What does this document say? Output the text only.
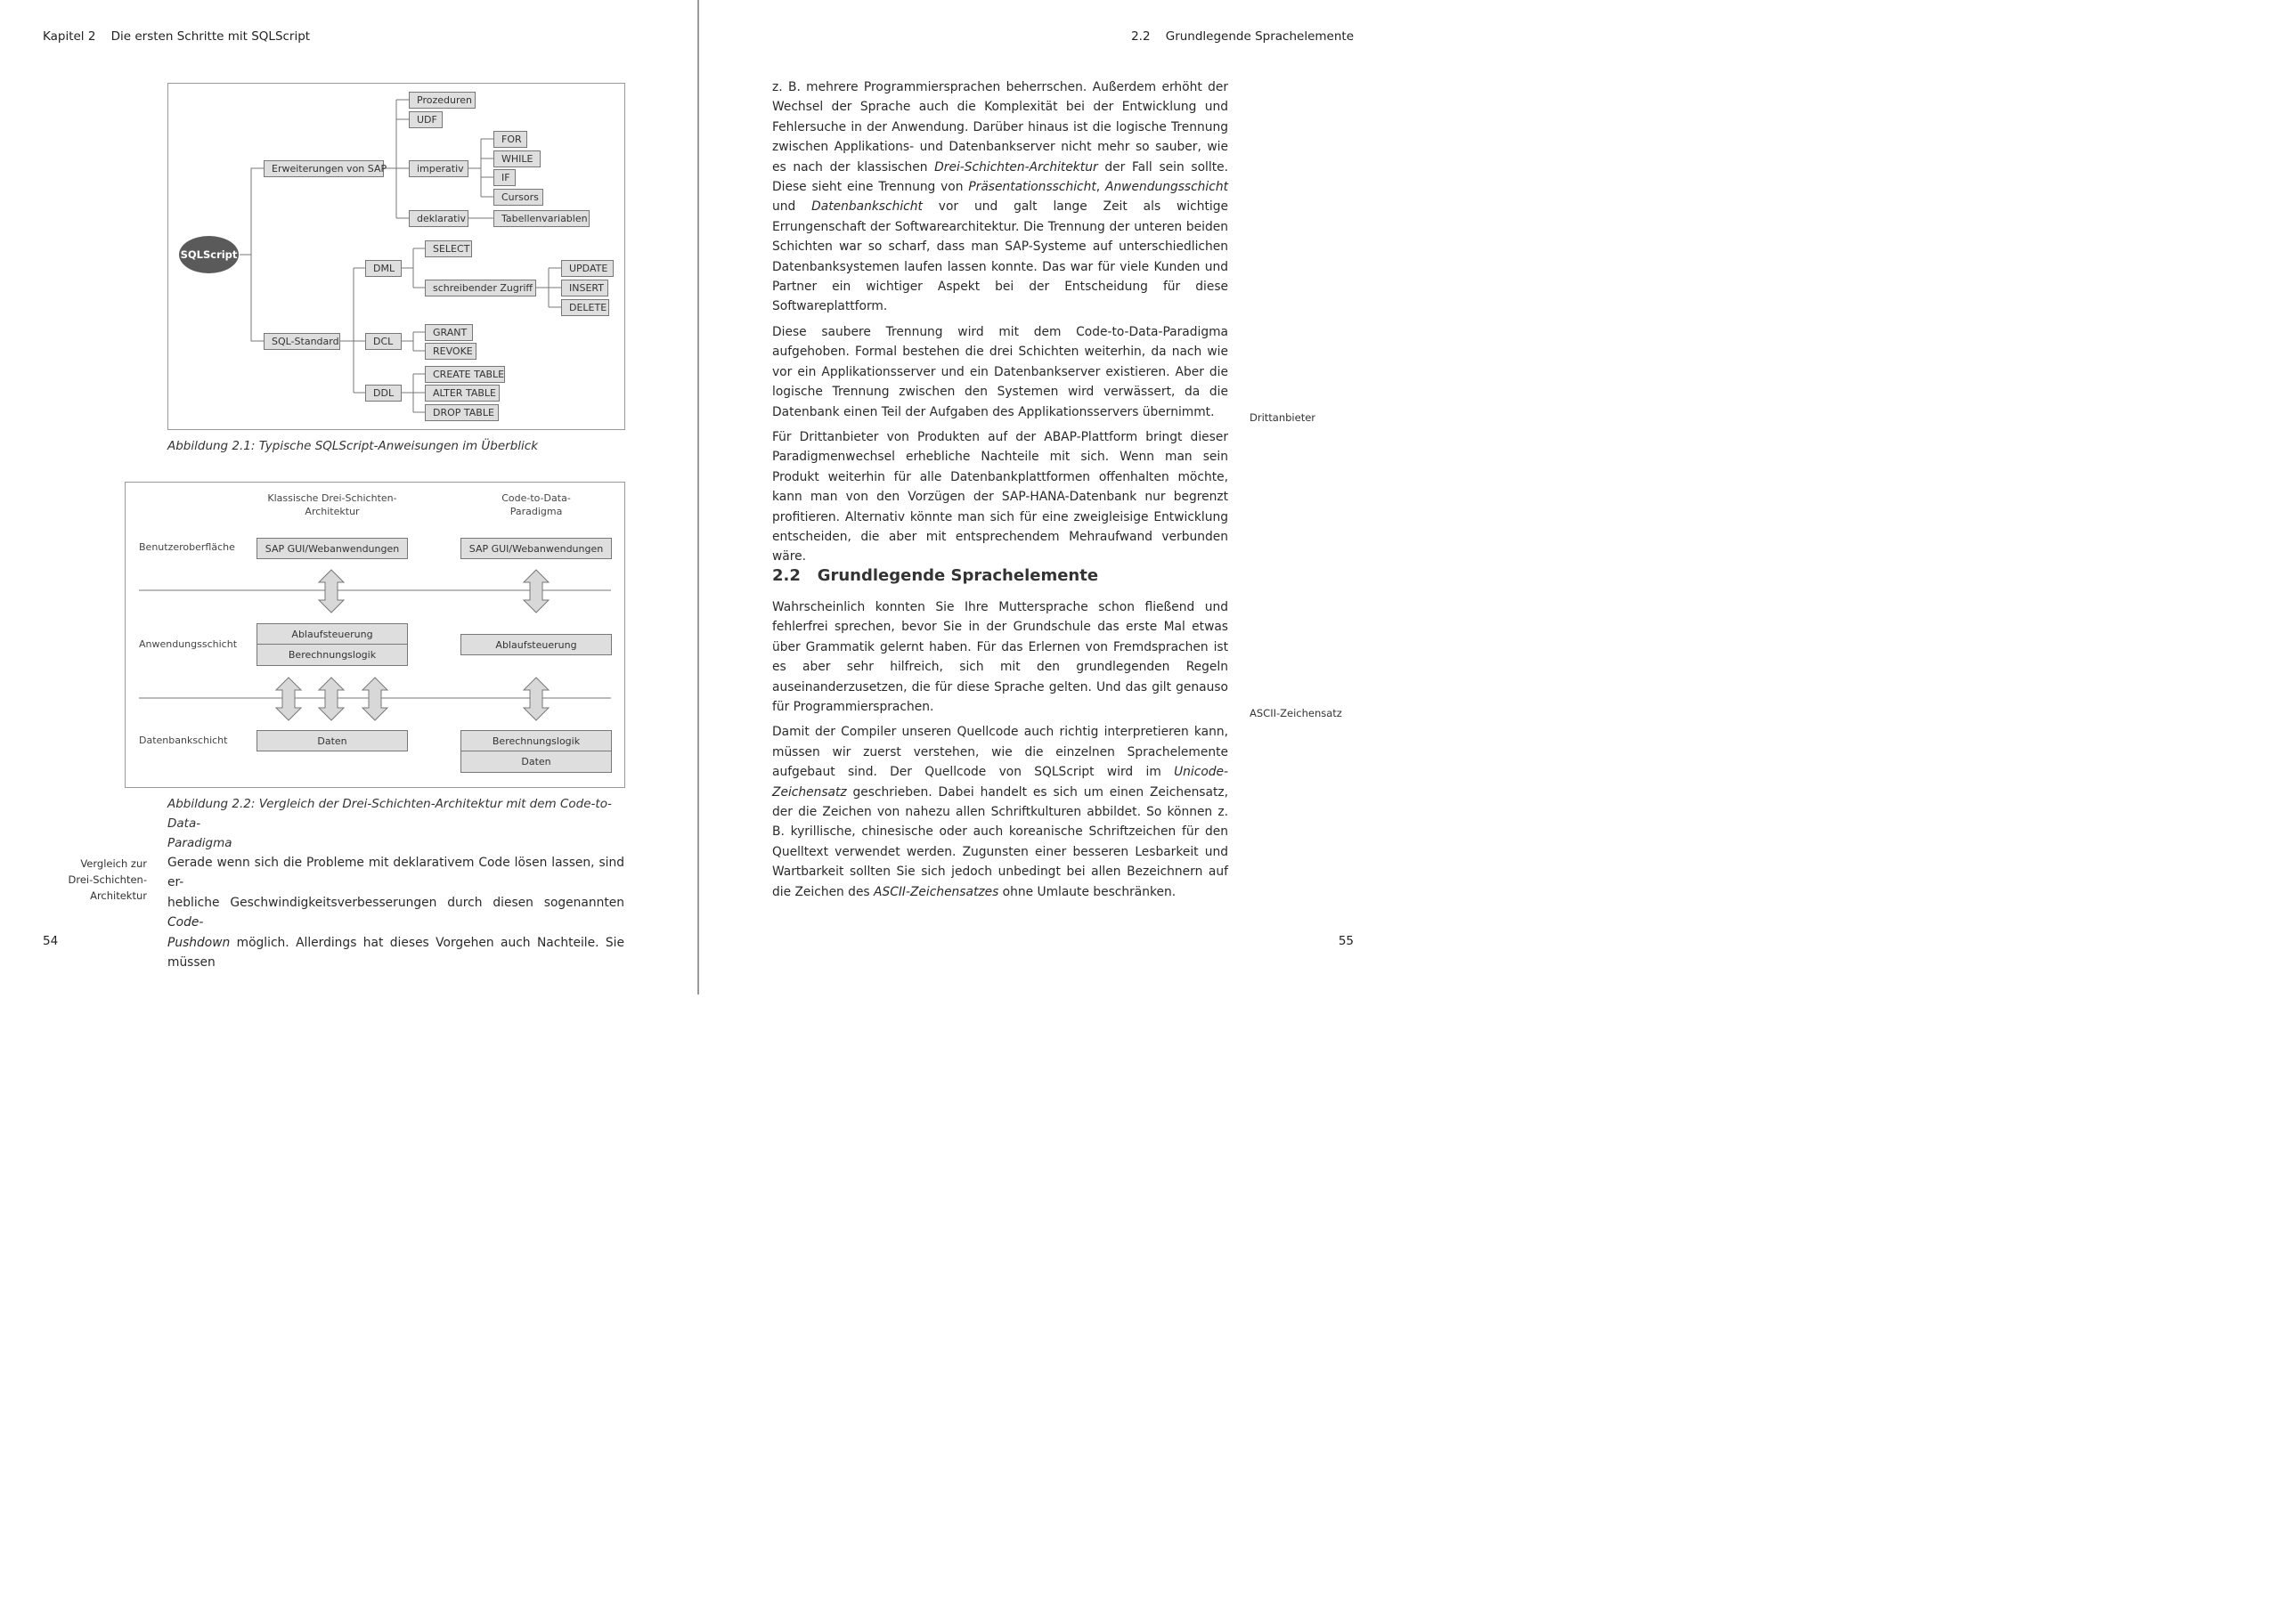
Kapitel 2 Die ersten Schritte mit SQLScript
SQLScript
Erweiterungen von SAP
SQL-Standard
Prozeduren
UDF
imperativ
deklarativ
FOR
WHILE
IF
Cursors
Tabellenvariablen
DML
DCL
DDL
SELECT
schreibender Zugriff
UPDATE
INSERT
DELETE
GRANT
REVOKE
CREATE TABLE
ALTER TABLE
DROP TABLE
Abbildung 2.1: Typische SQLScript-Anweisungen im Überblick
Klassische Drei-Schichten-
Architektur
Code-to-Data-
Paradigma
Benutzeroberfläche
Anwendungsschicht
Datenbankschicht
SAP GUI/Webanwendungen	SAP GUI/Webanwendungen
Ablaufsteuerung
Berechnungslogik
Ablaufsteuerung
Daten	Berechnungslogik
Daten
Abbildung 2.2: Vergleich der Drei-Schichten-Architektur mit dem Code-to-Data-
Paradigma
Vergleich zur
Drei-Schichten-
Architektur
Gerade wenn sich die Probleme mit deklarativem Code lösen lassen, sind er-
hebliche Geschwindigkeitsverbesserungen durch diesen sogenannten Code-
Pushdown möglich. Allerdings hat dieses Vorgehen auch Nachteile. Sie müssen
54
2.2 Grundlegende Sprachelemente

z. B. mehrere Programmiersprachen beherrschen. Außerdem erhöht der Wechsel der Sprache auch die Komplexität bei der Entwicklung und Fehlersuche in der Anwendung. Darüber hinaus ist die logische Trennung zwischen Applikations- und Datenbankserver nicht mehr so sauber, wie es nach der klassischen Drei-Schichten-Architektur der Fall sein sollte. Diese sieht eine Trennung von Präsentationsschicht, Anwendungsschicht und Datenbankschicht vor und galt lange Zeit als wichtige Errungenschaft der Softwarearchitektur. Die Trennung der unteren beiden Schichten war so scharf, dass man SAP-Systeme auf unterschiedlichen Datenbanksystemen laufen lassen konnte. Das war für viele Kunden und Partner ein wichtiger Aspekt bei der Entscheidung für diese Softwareplattform.

Diese saubere Trennung wird mit dem Code-to-Data-Paradigma aufgehoben. Formal bestehen die drei Schichten weiterhin, da nach wie vor ein Applikationsserver und ein Datenbankserver existieren. Aber die logische Trennung zwischen den Systemen wird verwässert, da die Datenbank einen Teil der Aufgaben des Applikationsservers übernimmt.

Für Drittanbieter von Produkten auf der ABAP-Plattform bringt dieser Paradigmenwechsel erhebliche Nachteile mit sich. Wenn man sein Produkt weiterhin für alle Datenbankplattformen offenhalten möchte, kann man von den Vorzügen der SAP-HANA-Datenbank nur begrenzt profitieren. Alternativ könnte man sich für eine zweigleisige Entwicklung entscheiden, die aber mit entsprechendem Mehraufwand verbunden wäre.

Drittanbieter
2.2 Grundlegende Sprachelemente

Wahrscheinlich konnten Sie Ihre Muttersprache schon fließend und fehlerfrei sprechen, bevor Sie in der Grundschule das erste Mal etwas über Grammatik gelernt haben. Für das Erlernen von Fremdsprachen ist es aber sehr hilfreich, sich mit den grundlegenden Regeln auseinanderzusetzen, die für diese Sprache gelten. Und das gilt genauso für Programmiersprachen.

Damit der Compiler unseren Quellcode auch richtig interpretieren kann, müssen wir zuerst verstehen, wie die einzelnen Sprachelemente aufgebaut sind. Der Quellcode von SQLScript wird im Unicode-Zeichensatz geschrieben. Dabei handelt es sich um einen Zeichensatz, der die Zeichen von nahezu allen Schriftkulturen abbildet. So können z. B. kyrillische, chinesische oder auch koreanische Schriftzeichen für den Quelltext verwendet werden. Zugunsten einer besseren Lesbarkeit und Wartbarkeit sollten Sie sich jedoch unbedingt bei allen Bezeichnern auf die Zeichen des ASCII-Zeichensatzes ohne Umlaute beschränken.

ASCII-Zeichensatz
55
